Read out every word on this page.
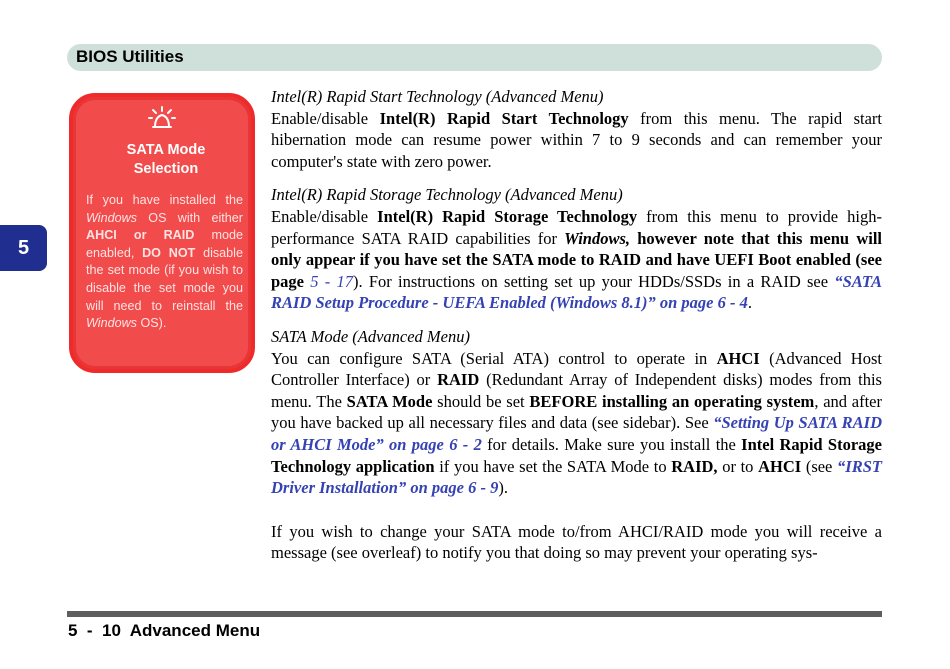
BIOS Utilities
5
SATA Mode
Selection
If you have installed the Windows OS with either AHCI or RAID mode enabled, DO NOT disable the set mode (if you wish to disable the set mode you will need to reinstall the Windows OS).

Intel(R) Rapid Start Technology (Advanced Menu)
Enable/disable Intel(R) Rapid Start Technology from this menu. The rapid start hibernation mode can resume power within 7 to 9 seconds and can remember your computer's state with zero power.

Intel(R) Rapid Storage Technology (Advanced Menu)
Enable/disable Intel(R) Rapid Storage Technology from this menu to provide high-performance SATA RAID capabilities for Windows, however note that this menu will only appear if you have set the SATA mode to RAID and have UEFI Boot enabled (see page 5 - 17). For instructions on setting set up your HDDs/SSDs in a RAID see “SATA RAID Setup Procedure - UEFA Enabled (Windows 8.1)” on page 6 - 4.

SATA Mode (Advanced Menu)
You can configure SATA (Serial ATA) control to operate in AHCI (Advanced Host Controller Interface) or RAID (Redundant Array of Independent disks) modes from this menu. The SATA Mode should be set BEFORE installing an operating system, and after you have backed up all necessary files and data (see sidebar). See “Setting Up SATA RAID or AHCI Mode” on page 6 - 2 for details. Make sure you install the Intel Rapid Storage Technology application if you have set the SATA Mode to RAID, or to AHCI (see “IRST Driver Installation” on page 6 - 9).

If you wish to change your SATA mode to/from AHCI/RAID mode you will receive a message (see overleaf) to notify you that doing so may prevent your operating sys-

5  -  10  Advanced Menu
